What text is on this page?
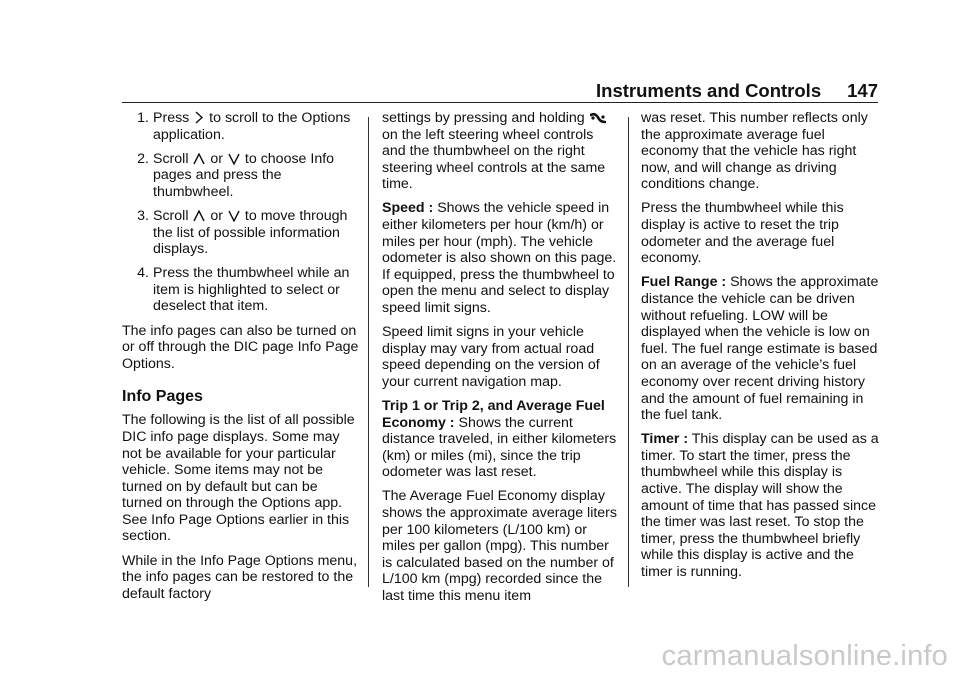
Instruments and Controls 147
1. Press to scroll to the Options application.
2. Scroll or to choose Info pages and press the thumbwheel.
3. Scroll or to move through the list of possible information displays.
4. Press the thumbwheel while an item is highlighted to select or deselect that item.

The info pages can also be turned on or off through the DIC page Info Page Options.

Info Pages

The following is the list of all possible DIC info page displays. Some may not be available for your particular vehicle. Some items may not be turned on by default but can be turned on through the Options app. See Info Page Options earlier in this section.

While in the Info Page Options menu, the info pages can be restored to the default factory

settings by pressing and holding  on the left steering wheel controls and the thumbwheel on the right steering wheel controls at the same time.

Speed : Shows the vehicle speed in either kilometers per hour (km/h) or miles per hour (mph). The vehicle odometer is also shown on this page. If equipped, press the thumbwheel to open the menu and select to display speed limit signs.

Speed limit signs in your vehicle display may vary from actual road speed depending on the version of your current navigation map.

Trip 1 or Trip 2, and Average Fuel Economy : Shows the current distance traveled, in either kilometers (km) or miles (mi), since the trip odometer was last reset.

The Average Fuel Economy display shows the approximate average liters per 100 kilometers (L/100 km) or miles per gallon (mpg). This number is calculated based on the number of L/100 km (mpg) recorded since the last time this menu item

was reset. This number reflects only the approximate average fuel economy that the vehicle has right now, and will change as driving conditions change.

Press the thumbwheel while this display is active to reset the trip odometer and the average fuel economy.

Fuel Range : Shows the approximate distance the vehicle can be driven without refueling. LOW will be displayed when the vehicle is low on fuel. The fuel range estimate is based on an average of the vehicle’s fuel economy over recent driving history and the amount of fuel remaining in the fuel tank.

Timer : This display can be used as a timer. To start the timer, press the thumbwheel while this display is active. The display will show the amount of time that has passed since the timer was last reset. To stop the timer, press the thumbwheel briefly while this display is active and the timer is running.

carmanualsonline.info
